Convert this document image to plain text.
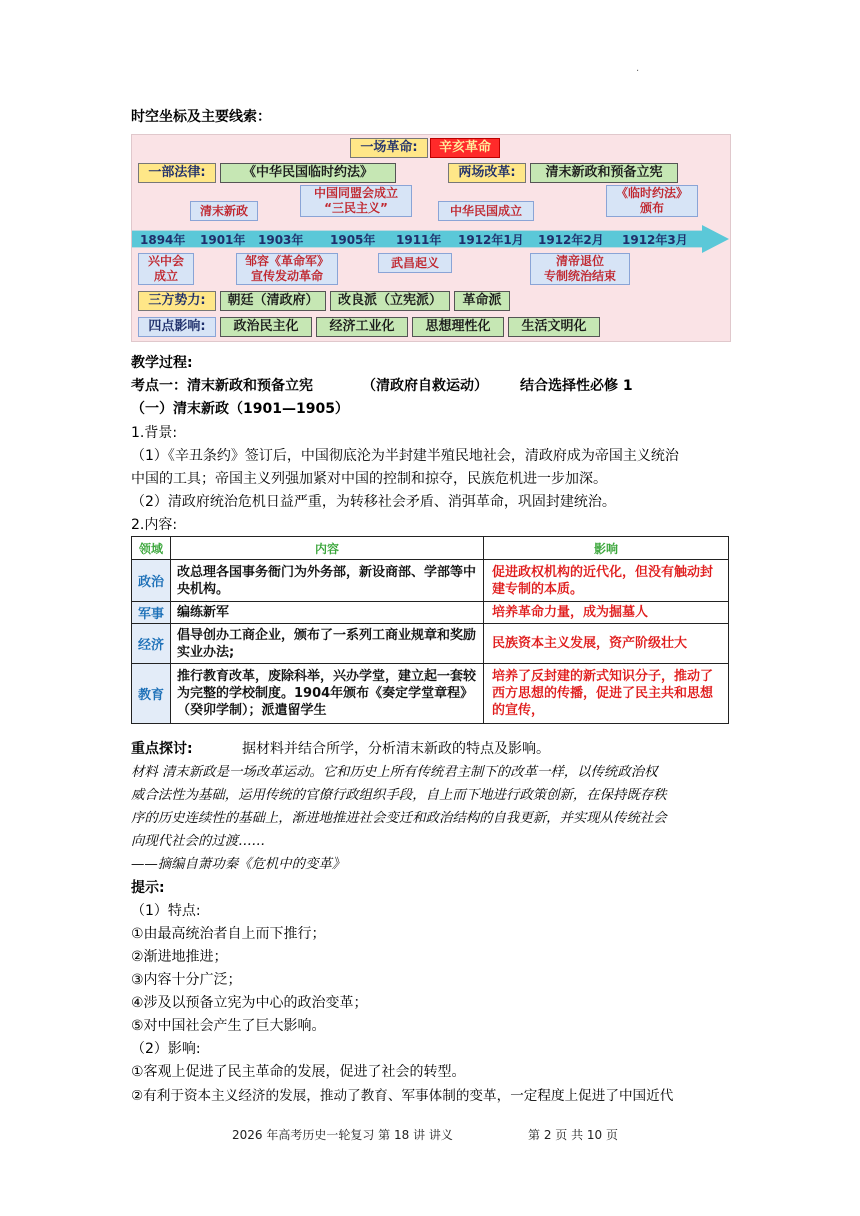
·
时空坐标及主要线索：
一场革命:	辛亥革命
一部法律:	《中华民国临时约法》	两场改革:	清末新政和预备立宪
清末新政
中国同盟会成立
“三民主义”	中华民国成立
《临时约法》
颁布
1894年 1901年 1903年 1905年 1911年 1912年1月 1912年2月 1912年3月
兴中会
成立
邹容《革命军》
宣传发动革命
武昌起义	清帝退位
专制统治结束
三方势力:	朝廷（清政府）	改良派（立宪派）	革命派
四点影响:	政治民主化	经济工业化	思想理性化	生活文明化

教学过程:

考点一：清末新政和预备立宪	（清政府自救运动） 结合选择性必修 1

（一）清末新政（1901—1905）

1.背景:

（1）《辛丑条约》签订后，中国彻底沦为半封建半殖民地社会，清政府成为帝国主义统治

中国的工具；帝国主义列强加紧对中国的控制和掠夺，民族危机进一步加深。

（2）清政府统治危机日益严重，为转移社会矛盾、消弭革命，巩固封建统治。

2.内容:

领域	内容	影响
政治	改总理各国事务衙门为外务部，新设商部、学部等中央机构。	促进政权机构的近代化，但没有触动封建专制的本质。
军事	编练新军	培养革命力量，成为掘墓人
经济	倡导创办工商企业，颁布了一系列工商业规章和奖励实业办法;	民族资本主义发展，资产阶级壮大
教育	推行教育改革，废除科举，兴办学堂，建立起一套较为完整的学校制度。1904年颁布《奏定学堂章程》（癸卯学制）；派遣留学生	培养了反封建的新式知识分子，推动了西方思想的传播，促进了民主共和思想的宣传，

重点探讨:	据材料并结合所学，分析清末新政的特点及影响。

材料 清末新政是一场改革运动。它和历史上所有传统君主制下的改革一样，以传统政治权

威合法性为基础，运用传统的官僚行政组织手段，自上而下地进行政策创新，在保持既存秩

序的历史连续性的基础上，渐进地推进社会变迁和政治结构的自我更新，并实现从传统社会

向现代社会的过渡……

——摘编自萧功秦《危机中的变革》

提示:

（1）特点:

①由最高统治者自上而下推行；

②渐进地推进；

③内容十分广泛；

④涉及以预备立宪为中心的政治变革；

⑤对中国社会产生了巨大影响。

（2）影响:

①客观上促进了民主革命的发展，促进了社会的转型。

②有利于资本主义经济的发展，推动了教育、军事体制的变革，一定程度上促进了中国近代

2026 年高考历史一轮复习 第 18 讲 讲义	第 2 页 共 10 页
